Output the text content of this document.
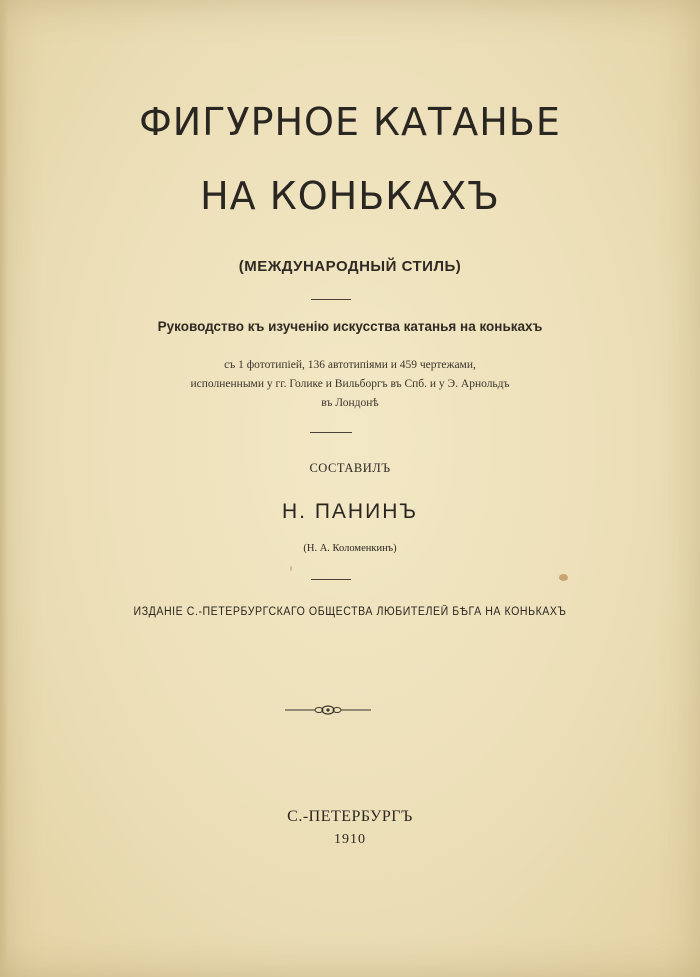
ФИГУРНОЕ КАТАНЬЕ
НА КОНЬКАХЪ
(МЕЖДУНАРОДНЫЙ СТИЛЬ)
Руководство къ изученію искусства катанья на конькахъ
съ 1 фототипіей, 136 автотипіями и 459 чертежами,
исполненными у гг. Голике и Вильборгъ въ Спб. и у Э. Арнольдъ
въ Лондонѣ
СОСТАВИЛЪ
Н. ПАНИНЪ
(Н. А. Коломенкинъ)
ИЗДАНІЕ С.-ПЕТЕРБУРГСКАГО ОБЩЕСТВА ЛЮБИТЕЛЕЙ БѢГА НА КОНЬКАХЪ
С.-ПЕТЕРБУРГЪ
1910
